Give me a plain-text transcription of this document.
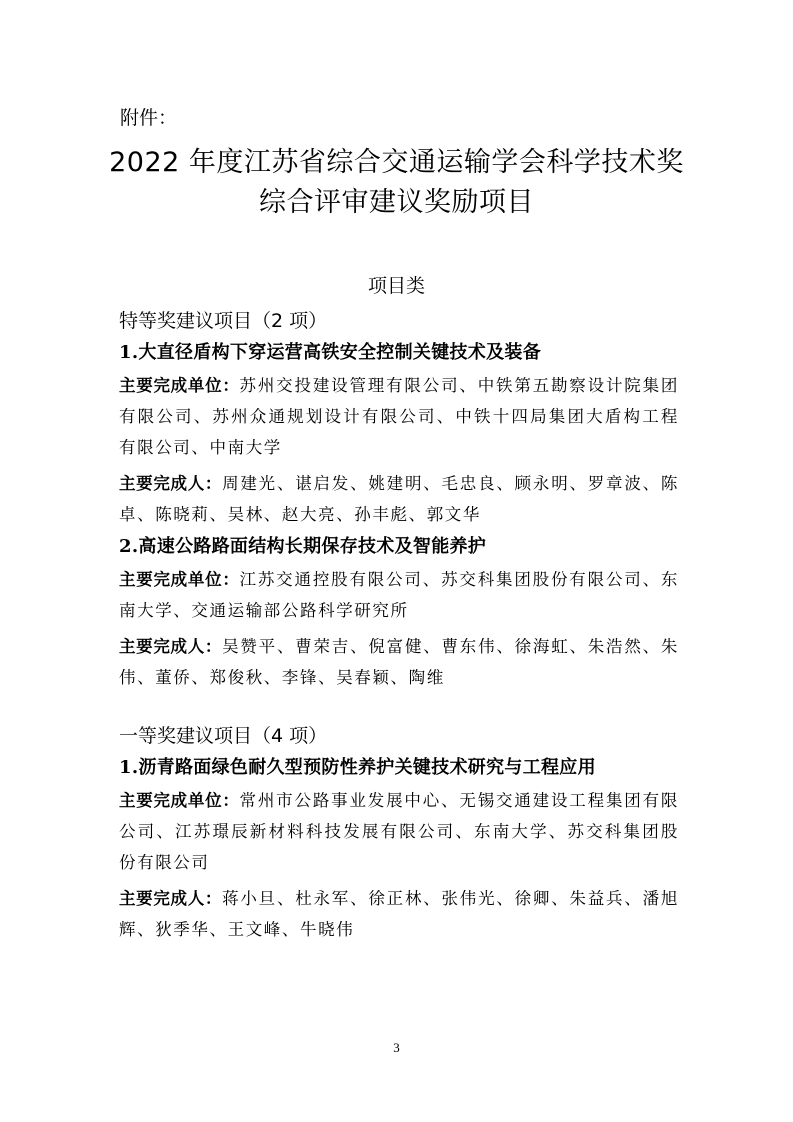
附件：
2022 年度江苏省综合交通运输学会科学技术奖
综合评审建议奖励项目
项目类
特等奖建议项目（2 项）
1.大直径盾构下穿运营高铁安全控制关键技术及装备

主要完成单位：苏州交投建设管理有限公司、中铁第五勘察设计院集团有限公司、苏州众通规划设计有限公司、中铁十四局集团大盾构工程有限公司、中南大学

主要完成人：周建光、谌启发、姚建明、毛忠良、顾永明、罗章波、陈卓、陈晓莉、吴林、赵大亮、孙丰彪、郭文华

2.高速公路路面结构长期保存技术及智能养护

主要完成单位：江苏交通控股有限公司、苏交科集团股份有限公司、东南大学、交通运输部公路科学研究所

主要完成人：吴赞平、曹荣吉、倪富健、曹东伟、徐海虹、朱浩然、朱伟、董侨、郑俊秋、李锋、吴春颖、陶维

一等奖建议项目（4 项）
1.沥青路面绿色耐久型预防性养护关键技术研究与工程应用

主要完成单位：常州市公路事业发展中心、无锡交通建设工程集团有限公司、江苏璟辰新材料科技发展有限公司、东南大学、苏交科集团股份有限公司

主要完成人：蒋小旦、杜永军、徐正林、张伟光、徐卿、朱益兵、潘旭辉、狄季华、王文峰、牛晓伟

3
